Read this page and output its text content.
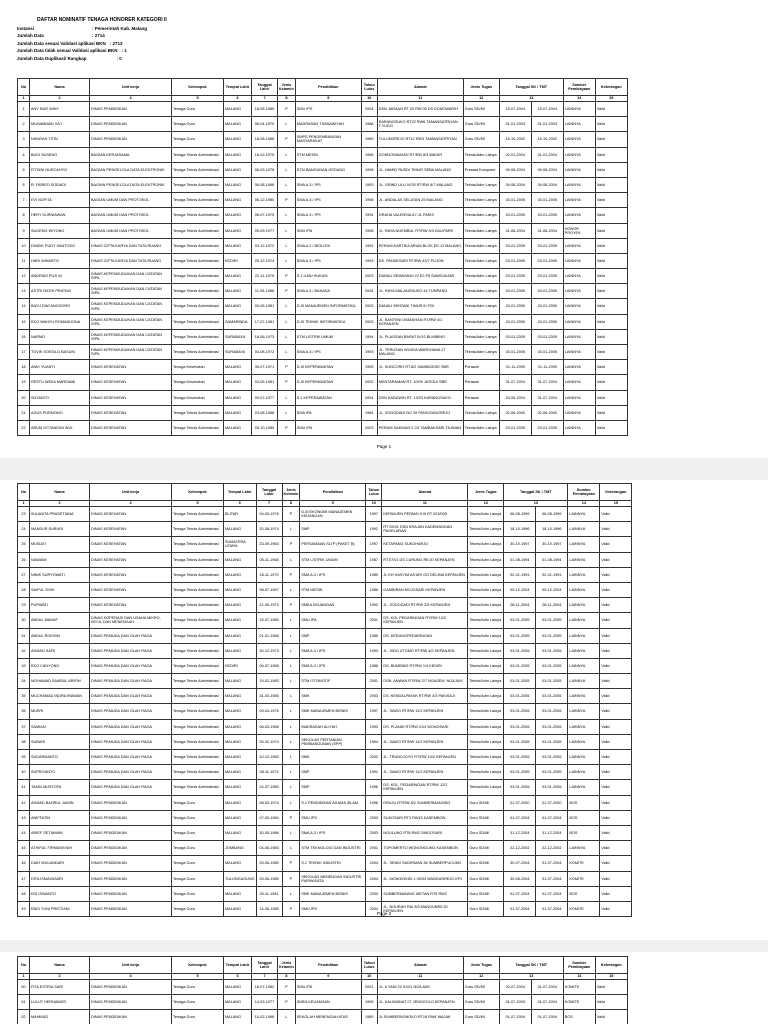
DAFTAR NOMINATIF TENAGA HONORER KATEGORI II
Instansi	: Pemerintah Kab. Malang
Jumlah Data	: 2714
Jumlah Data sesuai Validasi aplikasi BKN : 2713
Jumlah Data tidak sesuai Validasi aplikasi BKN : 1
Jumlah Data Duplikasi/ Rangkap	: 0
No	Nama	Unit kerja	Kelompok	Tempat Lahir	Tanggal Lahir	Jenis Kelamin	Pendidikan	Tahun Lulus	Alamat	Jenis Tugas	Tanggal SK / TMT		Sumber Pembiayaan	Keterangan
1	2	4	5	6	7	8	9	10	11	12	13		14	15
1	ANY NUR WINY	DINAS PENDIDIKAN	Tenaga Guru	MALANG	18-06-1985	P	SMU IPS	2004	DSN JARAAN RT 20 RW 05 DS DONOWARIH	Guru SD/MI	15-07-2004	15-07-2004	LAINNYA	Valid
2	MUHAMMAD SA'I	DINAS PENDIDIKAN	Tenaga Guru	MALANG	06-04-1970	L	MADRASAH TSANAWIYAH	1988	KARANGSUKO RT22 RW6 TAMANSATRIYAN T.YUDO	Guru SD/MI	01-01-2003	01-01-2003	LAINNYA	Valid
3	NIHAYAH TITIN	DINAS PENDIDIKAN	Tenaga Guru	MALANG	18-08-1968	P	SMPS PENGEMBANGAN MASYARAKAT	1989	TULUNGREJO RT12 RW3 TAMANSATRIYAN	Guru SD/MI	15-10-2002	15-10-2002	LAINNYA	Valid
4	BUDI SUSENO	BAGIAN KERJASAMA	Tenaga Teknis Administrasi	MALANG	16-02-1975	L	STM MESIN	1996	GONDONWANGI RT/RW 8/3 WAGIR	Teknis/Adm Lainya	02-01-2004	01-01-2004	LAINNYA	Valid
5	FITDINI NURCAHYO	BAGIAN PENGELOLA DATA ELEKTRONIK	Tenaga Teknis Administrasi	MALANG	06-03-1978	L	STM BANGUNAN GEDUNG	1998	JL. HAMID RUSDI TIMUR SEBA MALANG	Pranata Komputer	09-08-2004	09-08-2004	LAINNYA	Valid
6	R. FARIED SOEAIDI	BAGIAN PENGELOLA DATA ELEKTRONIK	Tenaga Teknis Administrasi	MALANG	06-08-1968	L	SMA A.3 / IPS	1993	JL. GRIND ULU IV/30 RT/RW 6/7 MALANG	Teknis/Adm Lainya	09-08-2004	09-08-2004	LAINNYA	Valid
7	EVI NOFITA	BAGIAN UMUM DAN PROTOKOL	Tenaga Teknis Administrasi	MALANG	06-12-1980	P	SMA A.3 / IPS	1998	JL. ANDALAS SELATAN 25 MALANG	Teknis/Adm Lainya	03-01-2005	03-01-2005	LAINNYA	Valid
8	HERY KURNIAWAN	BAGIAN UMUM DAN PROTOKOL	Tenaga Teknis Administrasi	MALANG	06-07-1975	L	SMA A.3 / IPS	1994	GRAHA VALENSIA A7-11 PAKIS	Teknis/Adm Lainya	03-01-2005	03-01-2005	LAINNYA	Valid
9	SUGENG WIYONO	BAGIAN UMUM DAN PROTOKOL	Tenaga Teknis Administrasi	MALANG	05-09-1977	L	SMU IPA	1998	JL. RAYA NGEMBUL RT/RW 9/3 KALIPARE	Teknis/Adm Lainya	01-08-2004	01-08-2004	HONOR PROYEK	Valid
10	DHIDIK PUDY SANTOSO	DINAS CIPTA KARYA DAN TATA RUANG	Tenaga Teknis Administrasi	MALANG	03-12-1972	L	SMA A.2 / BIOLOGI	1992	PERUM KARTIKA ARUM BLOK EE-11 MALANG	Teknis/Adm Lainya	03-01-2005	03-01-2005	LAINNYA	Valid
11	HARI WINARTO	DINAS CIPTA KARYA DAN TATA RUANG	Tenaga Teknis Administrasi	KEDIRI	25-12-1974	L	SMA A.3 / IPS	1993	DS. PANDESARI RT/RW 43/7 PUJON	Teknis/Adm Lainya	03-01-2005	03-01-2005	LAINNYA	Valid
12	ANDRIAS PUJI W.	DINAS KEPENDUDUKAN DAN CATATAN SIPIL	Tenaga Teknis Administrasi	MALANG	22-11-1979	P	S.1 ILMU HUKUM	2003	DANAU SEMAYANG IV E2-F5 SAWOJAJAR	Teknis/Adm Lainya	03-01-2005	03-01-2005	LAINNYA	Valid
13	ASTRI RATIH PRATIWI	DINAS KEPENDUDUKAN DAN CATATAN SIPIL	Tenaga Teknis Administrasi	MALANG	11-05-1986	P	SMA A.4 / BAHASA	2004	JL. RAYA MALANGSUKO 44 TUMPANG	Teknis/Adm Lainya	03-01-2005	03-01-2005	LAINNYA	Valid
14	BAYU DWI ANGGORO	DINAS KEPENDUDUKAN DAN CATATAN SIPIL	Tenaga Teknis Administrasi	MALANG	09-06-1981	L	D-III MANAJEMEN INFORMATIKA	2003	DANAU SENTANI TIMUR III F20	Teknis/Adm Lainya	03-01-2005	03-01-2005	LAINNYA	Valid
15	EKO WAHYU ROMADHONA	DINAS KEPENDUDUKAN DAN CATATAN SIPIL	Tenaga Teknis Administrasi	SAMARINDA	17-07-1981	L	D-III TEKNIK INFORMATIKA	2003	JL. BANTENI DIMASHAN RT/RW 4/1 KEPANJEN	Teknis/Adm Lainya	03-01-2005	03-01-2005	LAINNYA	Valid
16	NARMO	DINAS KEPENDUDUKAN DAN CATATAN SIPIL	Tenaga Teknis Administrasi	SURABAYA	18-06-1973	L	STM LISTRIK UMUM	1994	JL. PLAOSAN BARAT III/10 BLIMBING	Teknis/Adm Lainya	03-01-2005	03-01-2005	LAINNYA	Valid
17	TOVIK SOESILO BASUKI	DINAS KEPENDUDUKAN DAN CATATAN SIPIL	Tenaga Teknis Administrasi	SURABAYA	03-08-1972	L	SMA A.3 / IPS	1993	JL. TERUSAN WIJAYA WARDHANA 27 MALANG	Teknis/Adm Lainya	03-01-2005	03-01-2005	LAINNYA	Valid
18	ANIK YUANTI	DINAS KESEHATAN	Tenaga Kesehatan	MALANG	30-07-1971	P	D-III KEPERAWATAN	1995	JL. KUNCORO RT.6/2 SAMBIGEDE SBR	Perawat	01-11-1999	01-11-1999	LAINNYA	Valid
19	RESTU WIDIA MARDIANI	DINAS KESEHATAN	Tenaga Kesehatan	MALANG	03-05-1981	P	D-III KEPERAWATAN	2002	MENTARAMAN RT. 10/09 JATIGUI SBR	Perawat	01-07-2004	01-07-2004	LAINNYA	Valid
20	SUYANTO	DINAS KESEHATAN	Tenaga Kesehatan	MALANG	09-07-1977	L	S.1 KEPERAWATAN	2004	DSN KADUWIN RT. 13/03 KARANGSUKO	Perawat	24-05-2004	01-07-2004	LAINNYA	Valid
21	AGUS PURNOMO	DINAS KESEHATAN	Tenaga Teknis Administrasi	MALANG	24-08-1968	L	SMA IPA	1984	JL. SODODADI NO 39 PANGGUNGREJO	Teknis/Adm Lainya	02-06-2000	02-06-2000	LAINNYA	Valid
22	ARUM OCTANDINI WIJI	DINAS KESEHATAN	Tenaga Teknis Administrasi	MALANG	05-10-1985	P	SMU IPA	2003	PERUM SAKINAH 2 C9 TAMBAKSARI TAJINAN	Teknis/Adm Lainya	03-01-2005	03-01-2005	LAINNYA	Valid
Page 1
No	Nama	Unit kerja	Kelompok	Tempat Lahir	Tanggal Lahir	Jenis Kelamin	Pendidikan	Tahun Lulus	Alamat	Jenis Tugas	Tanggal SK / TMT		Sumber Pembiayaan	Keterangan
1	2	4	5	6	7	8	9	10	11	12	13		14	15
23	IKA ANITA PRASETIANA	DINAS KESEHATAN	Tenaga Teknis Administrasi	BLITAR	04-03-1976	P	D-III EKONOMI MANAJEMEN KEUANGAN	1997	KEPANJEN PERMAI II III RT 023/005	Teknis/Adm Lainya	06-08-1999	06-08-1999	LAINNYA	Valid
24	MANSUR SURURI	DINAS KESEHATAN	Tenaga Teknis Administrasi	MALANG	20-08-1974	L	SMP	1992	RT 09/01 DSN KRAJAN KADEMANGAN PAGELARAN	Teknis/Adm Lainya	18-10-1996	18-10-1996	LAINNYA	Valid
25	MUSIATI	DINAS KESEHATAN	Tenaga Teknis Administrasi	SUMATERA UTARA	23-09-1963	P	PERSAMAAN SLTP (PAKET B)	1997	KETAPANG SUKOHARJO	Teknis/Adm Lainya	30-10-1997	30-10-1997	LAINNYA	Valid
26	NAWAWI	DINAS KESEHATAN	Tenaga Teknis Administrasi	MALANG	05-11-1968	L	STM LISTRIK UMUM	1987	RT.07/01 DS CURUNG REJO KEPANJEN	Teknis/Adm Lainya	01-08-1994	01-08-1994	LAINNYA	Valid
27	NINIK SURYOWATI	DINAS KESEHATAN	Tenaga Teknis Administrasi	MALANG	18-11-1970	P	SMA A.3 / IPS	1989	JL KH HASYIM AS'ARI GG DELIMA KEPANJEN	Teknis/Adm Lainya	02-01-1991	02-01-1991	LAINNYA	Valid
28	SAIFUL GOIK	DINAS KESEHATAN	Tenaga Teknis Administrasi	MALANG	08-07-1967	L	STM MESIN	1986	GAMBIRAN MOJOSARI KEPANJEN	Teknis/Adm Lainya	05-12-2004	05-12-2004	LAINNYA	Valid
29	PURWATI	DINAS KESEHATAN	Tenaga Teknis Administrasi	MALANG	21-05-1973	P	SMEA KEUANGAN	1992	JL. SODODADI RT/RW 2/5 KEPANJEN	Teknis/Adm Lainya	06-11-2004	06-11-2004	LAINNYA	Valid
30	ABDUL MANAF	DINAS KOPERASI DAN USAHA MIKRO, KECIL DAN MENENGAH	Tenaga Teknis Administrasi	MALANG	15-07-1980	L	SMU IPA	2001	DS. KOL PEDARINGAN RT/RW 12/2 KEPANJEN	Teknis/Adm Lainya	03-01-2005	03-01-2005	LAINNYA	Valid
31	ABDUL ROKHIM	DINAS PEMUDA DAN OLAH RAGA	Tenaga Teknis Administrasi	MALANG	01-01-1968	L	SMP	1985	DS. KEDUNGPEDARINGAN	Teknis/Adm Lainya	03-01-2005	03-01-2005	LAINNYA	Valid
32	AHMAD SAFII	DINAS PEMUDA DAN OLAH RAGA	Tenaga Teknis Administrasi	MALANG	30-12-1973	L	SMA A.3 / IPS	1993	JL. SIDO UTOMO RT/RW 4/2 KEPANJEN	Teknis/Adm Lainya	03-01-2005	03-01-2005	LAINNYA	Valid
33	EKO CAHYONO	DINAS PEMUDA DAN OLAH RAGA	Tenaga Teknis Administrasi	KEDIRI	06-07-1968	L	SMA A.3 / IPS	1986	DS. BUMBING RT/RW 1/4 KEDIRI	Teknis/Adm Lainya	03-01-2005	03-01-2005	LAINNYA	Valid
34	MOHAMAD SAMSUL ARIFIN	DINAS PEMUDA DAN OLAH RAGA	Tenaga Teknis Administrasi	MALANG	19-02-1983	L	STM OTOMOTIF	2001	DSN. ANWAN RT/RW 2/7 NGASEM, NGAJUM	Teknis/Adm Lainya	03-01-2005	03-01-2005	LAINNYA	Valid
35	MUCHAMAD INDRA IRAWAN	DINAS PEMUDA DAN OLAH RAGA	Tenaga Teknis Administrasi	MALANG	31-03-1985	L	SMK	2003	DS. KENDALPAYAK RT/RW 4/3 PAKISAJI	Teknis/Adm Lainya	03-01-2005	03-01-2005	LAINNYA	Valid
36	MUKRI	DINAS PEMUDA DAN OLAH RAGA	Tenaga Teknis Administrasi	MALANG	09-04-1976	L	SMK MANAJEMEN BISNIS	1997	JL. SAWO RT/RW 11/2 KEPANJEN	Teknis/Adm Lainya	03-01-2005	03-01-2005	LAINNYA	Valid
37	SAMIAN	DINAS PEMUDA DAN OLAH RAGA	Tenaga Teknis Administrasi	MALANG	06-03-1968	L	MADRASAH ALIYAH	1993	DS. PLANDI RT/RW 21/4 WONOSARI	Teknis/Adm Lainya	03-01-2005	03-01-2005	LAINNYA	Valid
38	SUBARI	DINAS PEMUDA DAN OLAH RAGA	Tenaga Teknis Administrasi	MALANG	25-02-1974	L	SEKOLAH PERTANIAN PEMBANGUNAN (SPP)	1994	JL. SAWO RT/RW 11/2 KEPANJEN	Teknis/Adm Lainya	03-01-2005	03-01-2005	LAINNYA	Valid
39	SUDARMANTO	DINAS PEMUDA DAN OLAH RAGA	Tenaga Teknis Administrasi	MALANG	10-10-1983	L	SMK	2002	JL. TRUNOJOYO RT/RW 10/2 KEPANJEN	Teknis/Adm Lainya	03-01-2005	03-01-2005	LAINNYA	Valid
40	SUPRIYANTO	DINAS PEMUDA DAN OLAH RAGA	Tenaga Teknis Administrasi	MALANG	08-11-1974	L	SMP	1991	JL. SAWO RT/RW 11/2 KEPANJEN	Teknis/Adm Lainya	03-01-2005	03-01-2005	LAINNYA	Valid
41	TAKIN MUSTOFA	DINAS PEMUDA DAN OLAH RAGA	Tenaga Teknis Administrasi	MALANG	24-07-1980	L	SMP	1996	DS. KOL. PEDARINGAN RT/RW 12/2 KEPANJEN	Teknis/Adm Lainya	03-01-2005	03-01-2005	LAINNYA	Valid
42	AHMAD BAHRUL JAMIN	DINAS PENDIDIKAN	Tenaga Guru	MALANG	08-03-1974	L	S.1 PENDIDIKAN AGAMA ISLAM	1996	DRUJU RT/RW 8/2 SUMBERMANJING	Guru SD/MI	21-07-2000	21-07-2000	BOS	Valid
43	ANIFFATIN	DINAS PENDIDIKAN	Tenaga Guru	MALANG	07-09-1984	P	SMU IPS	2003	SUKOSARI RT3 RW15 KASEMBON	Guru SD/MI	01-07-2004	01-07-2004	BOS	Valid
44	ARIEF SETIAWAN	DINAS PENDIDIKAN	Tenaga Guru	MALANG	30-05-1986	L	SMA A.3 / IPS	2003	NGULUNG RT8 RW2 SINGOSARI	Guru SD/MI	31-12-2004	31-12-2004	BOS	Valid
45	ATHIFUL FIRMANSYAH	DINAS PENDIDIKAN	Tenaga Guru	JOMBANG	04-06-1983	L	STM TEKNOLOGI DAN INDUSTRI	2001	TOPOMERTO WONONGLING KASEMBON	Guru SD/MI	22-12-2002	22-12-2002	LAINNYA	Valid
46	DIAH WULANDARI	DINAS PENDIDIKAN	Tenaga Guru	MALANG	25-06-1980	P	S.1 TEKNIK INDUSTRI	2004	JL. SENDI SUDIRMAN 36 SUMBERPUCUNG	Guru SD/MI	30-07-2004	01-07-2004	KOMITE	Valid
47	DITA ISMAYASARI	DINAS PENDIDIKAN	Tenaga Guru	TULUNGAGUNG	25-06-1985	P	SEKOLAH MENENGAH INDUSTRI PARIWISATA	2004	JL. MONGINSIDI 1 09/03 MANGUNREJO KPJ	Guru SD/MI	30-06-2004	01-07-2004	KOMITE	Valid
48	EDI ISWANTO	DINAS PENDIDIKAN	Tenaga Guru	MALANG	26-11-1981	L	SMK MANAJEMEN BISNIS	2000	SUMBERMANING WETAN RT5 RW2	Guru SD/MI	01-07-2004	01-07-2004	BOS	Valid
49	ENIS YUNI PRISTIANI	DINAS PENDIDIKAN	Tenaga Guru	MALANG	14-06-1985	P	SMU IPS	2004	JL. NGURAH RAI 8/3 MANGUNREJO KEPANJEN	Guru SD/MI	01-07-2004	01-07-2004	KOMITE	Valid
Page 2
No	Nama	Unit kerja	Kelompok	Tempat Lahir	Tanggal Lahir	Jenis Kelamin	Pendidikan	Tahun Lulus	Alamat	Jenis Tugas	Tanggal SK / TMT		Sumber Pembiayaan	Keterangan
1	2	4	5	6	7	8	9	10	11	12	13		14	15
50	FITA ESTRIA SARI	DINAS PENDIDIKAN	Tenaga Guru	MALANG	18-07-1982	P	SMU IPA	2001	JL. A YANI 22 01/01 NGAJUM	Guru SD/MI	20-07-2004	01-07-2004	KOMITE	Valid
51	LULUT HERNAWATI	DINAS PENDIDIKAN	Tenaga Guru	MALANG	14-03-1977	P	SMEA KEUANGAN	1995	JL. KALIWANAT 07 JENGGOLO KEPANJEN	Guru SD/MI	01-07-2003	01-07-2004	KOMITE	Valid
52	MAHMUD	DINAS PENDIDIKAN	Tenaga Guru	MALANG	10-02-1968	L	SEKOLAH MENENGAH ATAS	1989	JL SUMBERNONGKO RT16 RW4 WAJAK	Guru SD/MI	01-07-2004	01-07-2004	BOS	Valid
